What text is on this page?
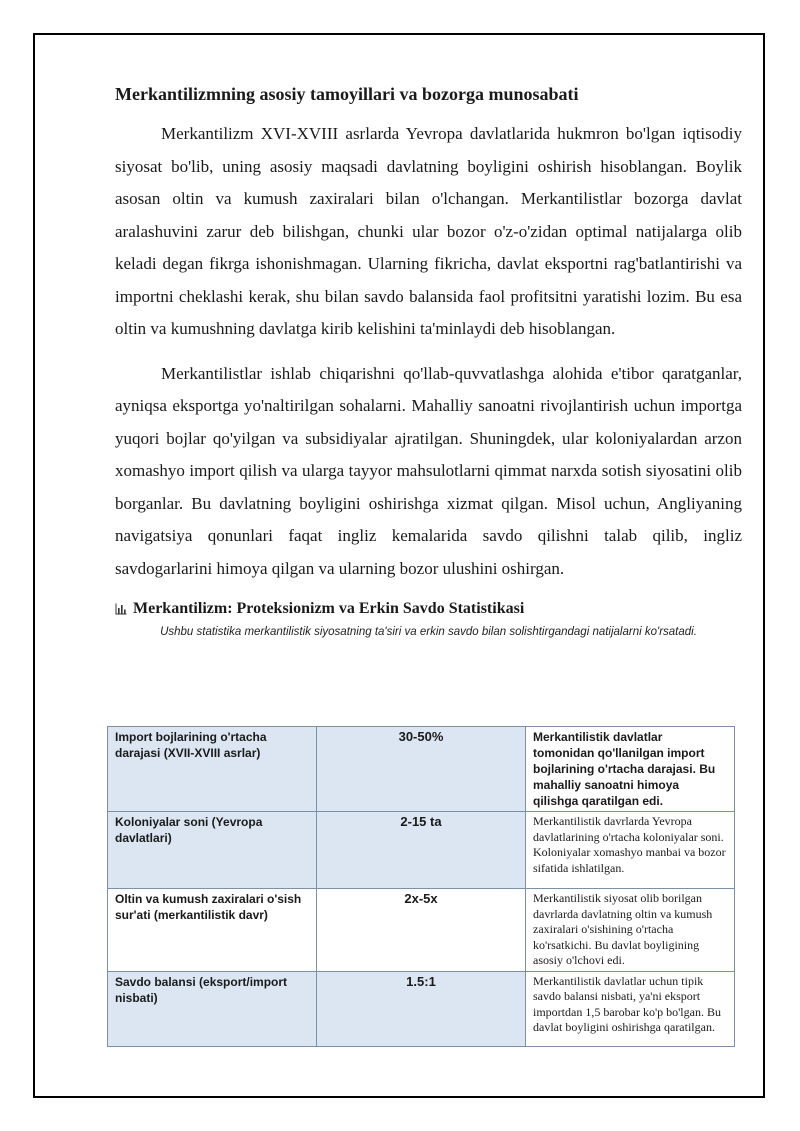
Merkantilizmning asosiy tamoyillari va bozorga munosabati

Merkantilizm XVI-XVIII asrlarda Yevropa davlatlarida hukmron bo'lgan iqtisodiy siyosat bo'lib, uning asosiy maqsadi davlatning boyligini oshirish hisoblangan. Boylik asosan oltin va kumush zaxiralari bilan o'lchangan. Merkantilistlar bozorga davlat aralashuvini zarur deb bilishgan, chunki ular bozor o'z-o'zidan optimal natijalarga olib keladi degan fikrga ishonishmagan. Ularning fikricha, davlat eksportni rag'batlantirishi va importni cheklashi kerak, shu bilan savdo balansida faol profitsitni yaratishi lozim. Bu esa oltin va kumushning davlatga kirib kelishini ta'minlaydi deb hisoblangan.

Merkantilistlar ishlab chiqarishni qo'llab-quvvatlashga alohida e'tibor qaratganlar, ayniqsa eksportga yo'naltirilgan sohalarni. Mahalliy sanoatni rivojlantirish uchun importga yuqori bojlar qo'yilgan va subsidiyalar ajratilgan. Shuningdek, ular koloniyalardan arzon xomashyo import qilish va ularga tayyor mahsulotlarni qimmat narxda sotish siyosatini olib borganlar. Bu davlatning boyligini oshirishga xizmat qilgan. Misol uchun, Angliyaning navigatsiya qonunlari faqat ingliz kemalarida savdo qilishni talab qilib, ingliz savdogarlarini himoya qilgan va ularning bozor ulushini oshirgan.

Merkantilizm: Proteksionizm va Erkin Savdo Statistikasi
Ushbu statistika merkantilistik siyosatning ta'siri va erkin savdo bilan solishtirgandagi natijalarni ko'rsatadi.
Import bojlarining o'rtacha darajasi (XVII-XVIII asrlar)	30-50%	Merkantilistik davlatlar tomonidan qo'llanilgan import bojlarining o'rtacha darajasi. Bu mahalliy sanoatni himoya qilishga qaratilgan edi.
Koloniyalar soni (Yevropa davlatlari)	2-15 ta	Merkantilistik davrlarda Yevropa davlatlarining o'rtacha koloniyalar soni. Koloniyalar xomashyo manbai va bozor sifatida ishlatilgan.
Oltin va kumush zaxiralari o'sish sur'ati (merkantilistik davr)	2x-5x	Merkantilistik siyosat olib borilgan davrlarda davlatning oltin va kumush zaxiralari o'sishining o'rtacha ko'rsatkichi. Bu davlat boyligining asosiy o'lchovi edi.
Savdo balansi (eksport/import nisbati)	1.5:1	Merkantilistik davlatlar uchun tipik savdo balansi nisbati, ya'ni eksport importdan 1,5 barobar ko'p bo'lgan. Bu davlat boyligini oshirishga qaratilgan.
